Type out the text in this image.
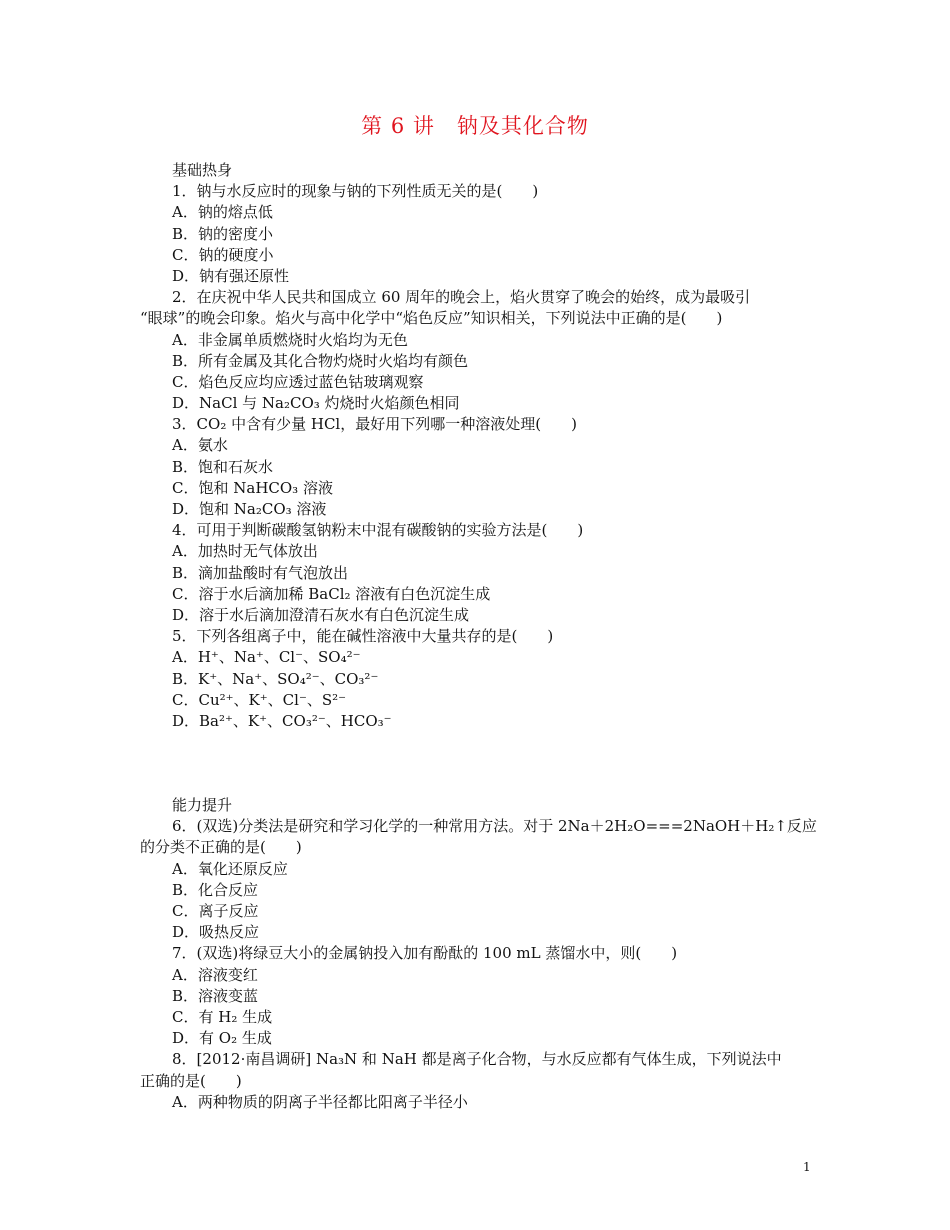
第 6 讲　钠及其化合物
基础热身
1．钠与水反应时的现象与钠的下列性质无关的是(　　)
A．钠的熔点低
B．钠的密度小
C．钠的硬度小
D．钠有强还原性
2．在庆祝中华人民共和国成立 60 周年的晚会上，焰火贯穿了晚会的始终，成为最吸引
“眼球”的晚会印象。焰火与高中化学中“焰色反应”知识相关，下列说法中正确的是(　　)
A．非金属单质燃烧时火焰均为无色
B．所有金属及其化合物灼烧时火焰均有颜色
C．焰色反应均应透过蓝色钴玻璃观察
D．NaCl 与 Na₂CO₃ 灼烧时火焰颜色相同
3．CO₂ 中含有少量 HCl，最好用下列哪一种溶液处理(　　)
A．氨水
B．饱和石灰水
C．饱和 NaHCO₃ 溶液
D．饱和 Na₂CO₃ 溶液
4．可用于判断碳酸氢钠粉末中混有碳酸钠的实验方法是(　　)
A．加热时无气体放出
B．滴加盐酸时有气泡放出
C．溶于水后滴加稀 BaCl₂ 溶液有白色沉淀生成
D．溶于水后滴加澄清石灰水有白色沉淀生成
5．下列各组离子中，能在碱性溶液中大量共存的是(　　)
A．H⁺、Na⁺、Cl⁻、SO₄²⁻
B．K⁺、Na⁺、SO₄²⁻、CO₃²⁻
C．Cu²⁺、K⁺、Cl⁻、S²⁻
D．Ba²⁺、K⁺、CO₃²⁻、HCO₃⁻
能力提升
6．(双选)分类法是研究和学习化学的一种常用方法。对于 2Na＋2H₂O===2NaOH＋H₂↑反应
的分类不正确的是(　　)
A．氧化还原反应
B．化合反应
C．离子反应
D．吸热反应
7．(双选)将绿豆大小的金属钠投入加有酚酞的 100 mL 蒸馏水中，则(　　)
A．溶液变红
B．溶液变蓝
C．有 H₂ 生成
D．有 O₂ 生成
8．[2012·南昌调研] Na₃N 和 NaH 都是离子化合物，与水反应都有气体生成，下列说法中
正确的是(　　)
A．两种物质的阴离子半径都比阳离子半径小
1
